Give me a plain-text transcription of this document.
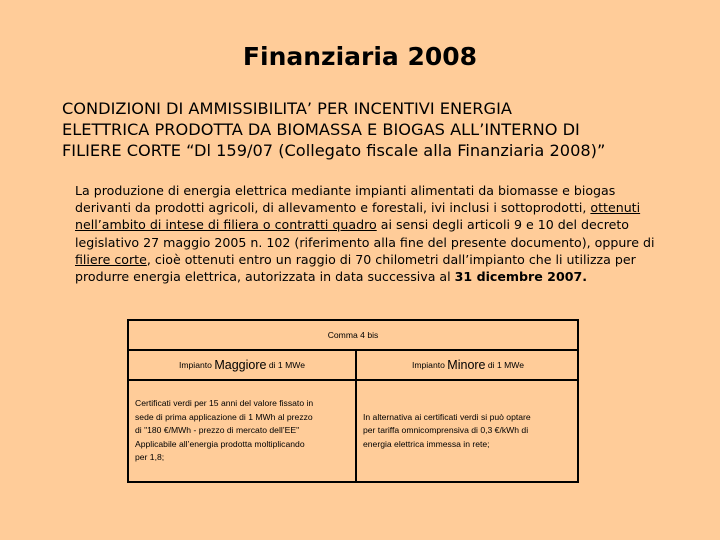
Finanziaria 2008
CONDIZIONI DI AMMISSIBILITA’ PER INCENTIVI ENERGIA
ELETTRICA PRODOTTA DA BIOMASSA E BIOGAS ALL’INTERNO DI
FILIERE CORTE “Dl 159/07 (Collegato fiscale alla Finanziaria 2008)”
La produzione di energia elettrica mediante impianti alimentati da biomasse e biogas
derivanti da prodotti agricoli, di allevamento e forestali, ivi inclusi i sottoprodotti, ottenuti
nell’ambito di intese di filiera o contratti quadro ai sensi degli articoli 9 e 10 del decreto
legislativo 27 maggio 2005 n. 102 (riferimento alla fine del presente documento), oppure di
filiere corte, cioè ottenuti entro un raggio di 70 chilometri dall’impianto che li utilizza per
produrre energia elettrica, autorizzata in data successiva al 31 dicembre 2007.
Comma 4 bis
Impianto
Maggiore
di 1 MWe	Impianto
Minore
di 1 MWe
Certificati verdi per 15 anni del valore fissato in
sede di prima applicazione di 1 MWh al prezzo
di "180 €/MWh - prezzo di mercato dell’EE"
Applicabile all’energia prodotta moltiplicando
per 1,8;
In alternativa ai certificati verdi si può optare
per tariffa omnicomprensiva di 0,3 €/kWh di
energia elettrica immessa in rete;
